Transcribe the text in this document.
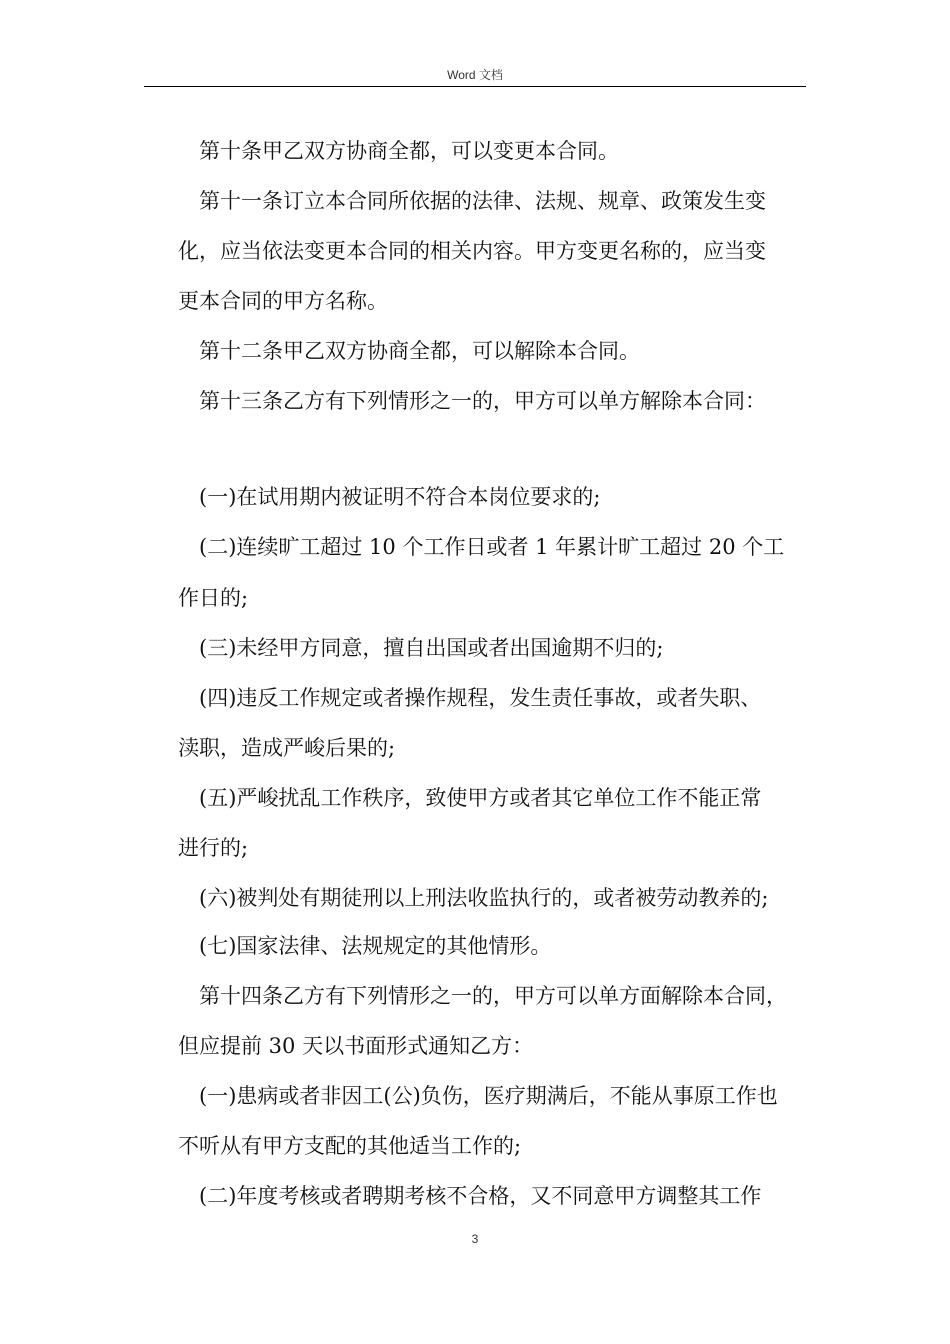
Word 文档

　第十条甲乙双方协商全都，可以变更本合同。

　第十一条订立本合同所依据的法律、法规、规章、政策发生变

化，应当依法变更本合同的相关内容。甲方变更名称的，应当变

更本合同的甲方名称。

　第十二条甲乙双方协商全都，可以解除本合同。

　第十三条乙方有下列情形之一的，甲方可以单方解除本合同：

　(一)在试用期内被证明不符合本岗位要求的;

　(二)连续旷工超过 10 个工作日或者 1 年累计旷工超过 20 个工

作日的;

　(三)未经甲方同意，擅自出国或者出国逾期不归的;

　(四)违反工作规定或者操作规程，发生责任事故，或者失职、

渎职，造成严峻后果的;

　(五)严峻扰乱工作秩序，致使甲方或者其它单位工作不能正常

进行的;

　(六)被判处有期徒刑以上刑法收监执行的，或者被劳动教养的;

　(七)国家法律、法规规定的其他情形。

　第十四条乙方有下列情形之一的，甲方可以单方面解除本合同，

但应提前 30 天以书面形式通知乙方：

　(一)患病或者非因工(公)负伤，医疗期满后，不能从事原工作也

不听从有甲方支配的其他适当工作的;

　(二)年度考核或者聘期考核不合格，又不同意甲方调整其工作

3
